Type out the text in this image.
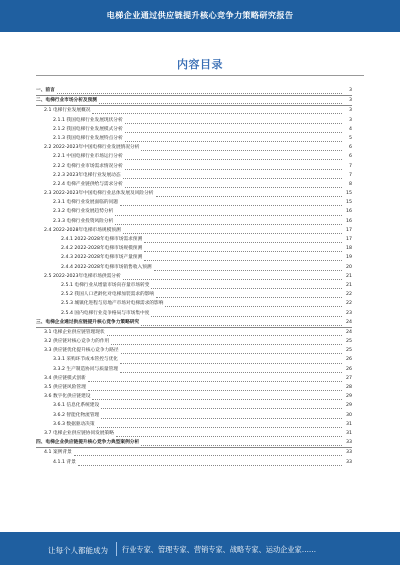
电梯企业通过供应链提升核心竞争力策略研究报告
内容目录
一、前言	3
二、电梯行业市场分析及预测	3
2.1 电梯行业发展概况	3
2.1.1 我国电梯行业发展现状分析	3
2.1.2 我国电梯行业发展模式分析	4
2.1.3 我国电梯行业发展特点分析	5
2.2 2022-2023年中国电梯行业发展情况分析	6
2.2.1 中国电梯行业市场运行分析	6
2.2.2 电梯行业市场需求情况分析	7
2.2.3 2023年电梯行业发展动态	7
2.2.4 电梯产业链供给与需求分析	8
2.3 2022-2023年中国电梯行业总体发展及风险分析	15
2.3.1 电梯行业发展面临的问题	15
2.3.2 电梯行业发展趋势分析	16
2.3.3 电梯行业投资风险分析	16
2.4 2022-2028年电梯市场规模预测	17
2.4.1 2022-2028年电梯市场需求预测	17
2.4.2 2022-2028年电梯市场规模预测	18
2.4.3 2022-2028年电梯市场产量预测	19
2.4.4 2022-2028年电梯市场销售收入预测	20
2.5 2022-2023年电梯市场供需分析	21
2.5.1 电梯行业从增量市场向存量市场转变	21
2.5.2 我国人口老龄化对电梯加装需求的影响	22
2.5.3 城镇化进程与房地产市场对电梯需求的影响	22
2.5.4 国内电梯行业竞争格局与市场集中度	23
三、电梯企业通过供应链提升核心竞争力策略研究	24
3.1 电梯企业供应链管理现状	24
3.2 供应链对核心竞争力的作用	25
3.3 供应链优化提升核心竞争力路径	25
3.3.1 采购环节成本管控与优化	26
3.3.2 生产制造协同与质量管理	26
3.4 供应链模式创新	27
3.5 供应链风险管理	28
3.6 数字化供应链建设	29
3.6.1 信息化系统建设	29
3.6.2 智能化物流管理	30
3.6.3 数据驱动决策	31
3.7 电梯企业供应链协同发展策略	31
四、电梯企业供应链提升核心竞争力典型案例分析	33
4.1 案例背景	33
4.1.1 背景	33
让每个人都能成为 行业专家、管理专家、营销专家、战略专家、运动企业家……
